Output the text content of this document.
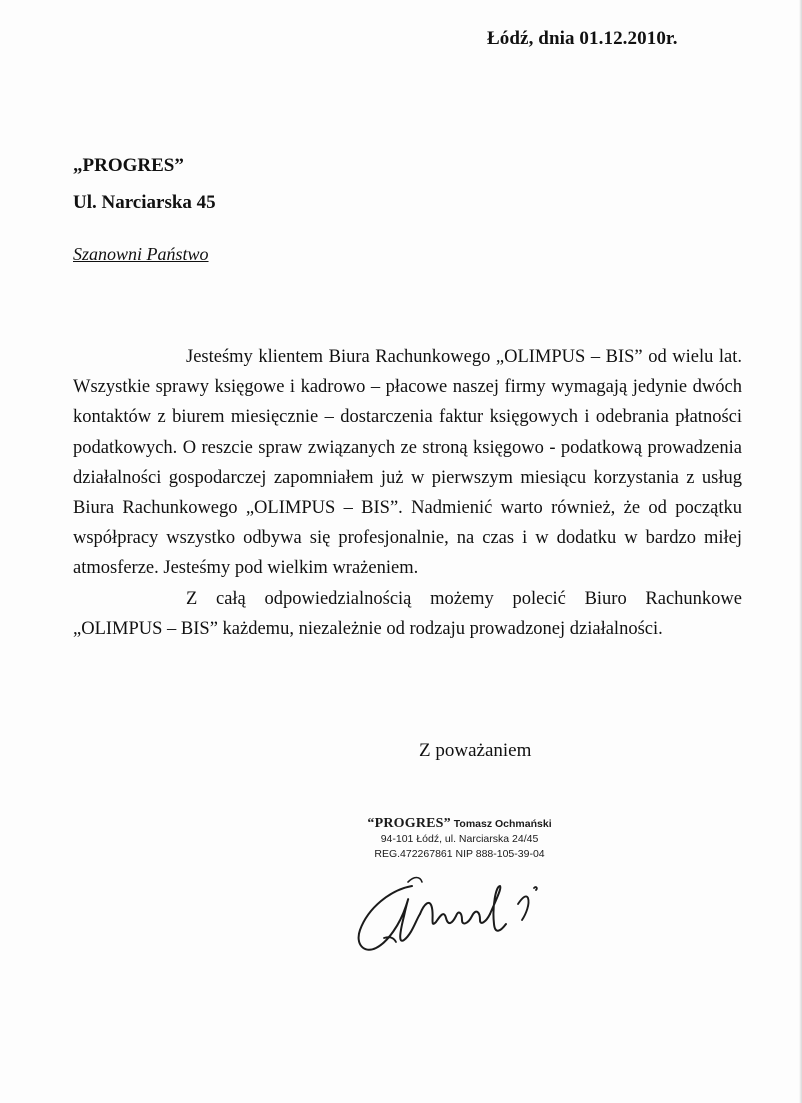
Łódź, dnia 01.12.2010r.
„PROGRES”
Ul. Narciarska 45
Szanowni Państwo

Jesteśmy klientem Biura Rachunkowego „OLIMPUS – BIS” od wielu lat. Wszystkie sprawy księgowe i kadrowo – płacowe naszej firmy wymagają jedynie dwóch kontaktów z biurem miesięcznie – dostarczenia faktur księgowych i odebrania płatności podatkowych. O reszcie spraw związanych ze stroną księgowo - podatkową prowadzenia działalności gospodarczej zapomniałem już w pierwszym miesiącu korzystania z usług Biura Rachunkowego „OLIMPUS – BIS”. Nadmienić warto również, że od początku współpracy wszystko odbywa się profesjonalnie, na czas i w dodatku w bardzo miłej atmosferze. Jesteśmy pod wielkim wrażeniem.

Z całą odpowiedzialnością możemy polecić Biuro Rachunkowe „OLIMPUS – BIS” każdemu, niezależnie od rodzaju prowadzonej działalności.

Z poważaniem
“PROGRES” Tomasz Ochmański
94-101 Łódź, ul. Narciarska 24/45
REG.472267861 NIP 888-105-39-04
